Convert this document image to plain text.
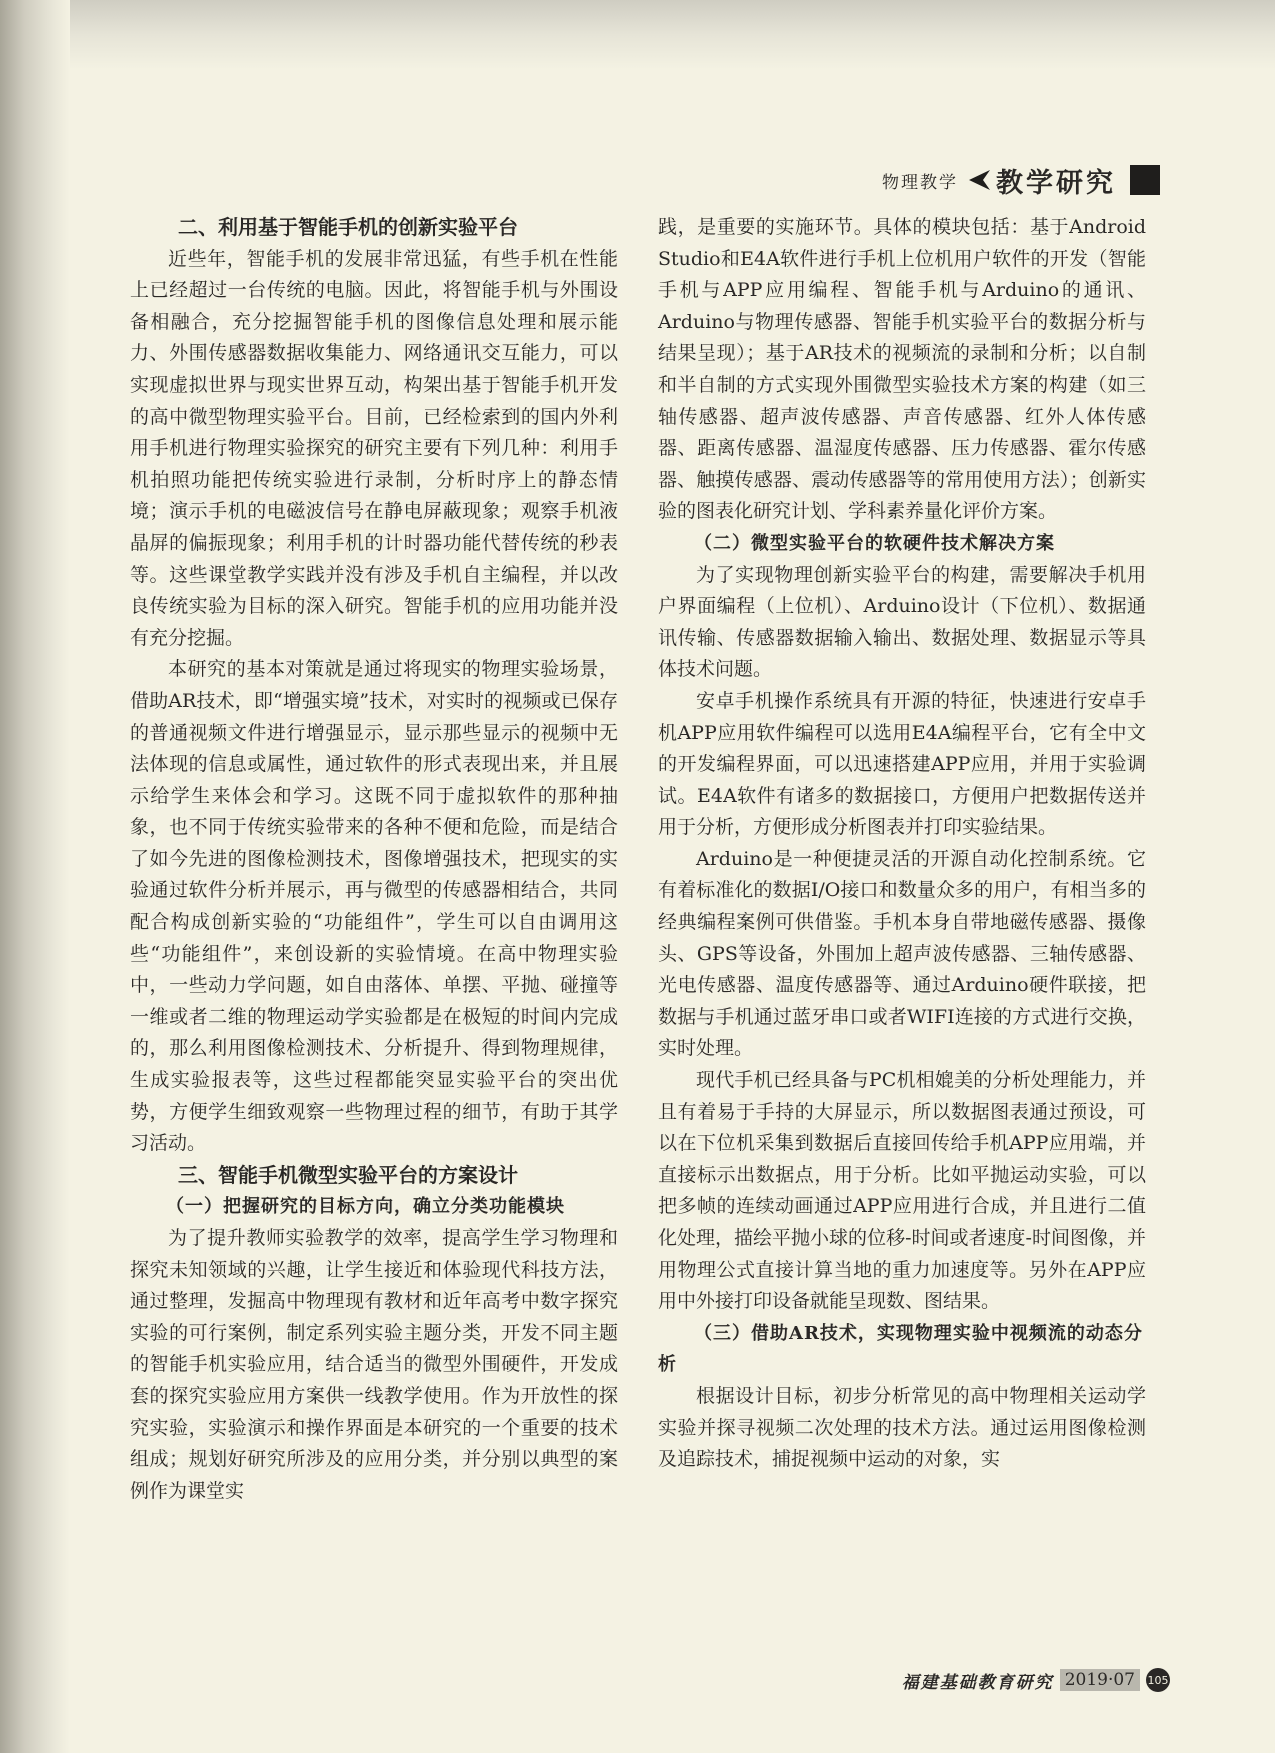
物理教学 教学研究
二、利用基于智能手机的创新实验平台

近些年，智能手机的发展非常迅猛，有些手机在性能上已经超过一台传统的电脑。因此，将智能手机与外围设备相融合，充分挖掘智能手机的图像信息处理和展示能力、外围传感器数据收集能力、网络通讯交互能力，可以实现虚拟世界与现实世界互动，构架出基于智能手机开发的高中微型物理实验平台。目前，已经检索到的国内外利用手机进行物理实验探究的研究主要有下列几种：利用手机拍照功能把传统实验进行录制，分析时序上的静态情境；演示手机的电磁波信号在静电屏蔽现象；观察手机液晶屏的偏振现象；利用手机的计时器功能代替传统的秒表等。这些课堂教学实践并没有涉及手机自主编程，并以改良传统实验为目标的深入研究。智能手机的应用功能并没有充分挖掘。

本研究的基本对策就是通过将现实的物理实验场景，借助AR技术，即“增强实境”技术，对实时的视频或已保存的普通视频文件进行增强显示，显示那些显示的视频中无法体现的信息或属性，通过软件的形式表现出来，并且展示给学生来体会和学习。这既不同于虚拟软件的那种抽象，也不同于传统实验带来的各种不便和危险，而是结合了如今先进的图像检测技术，图像增强技术，把现实的实验通过软件分析并展示，再与微型的传感器相结合，共同配合构成创新实验的“功能组件”，学生可以自由调用这些“功能组件”，来创设新的实验情境。在高中物理实验中，一些动力学问题，如自由落体、单摆、平抛、碰撞等一维或者二维的物理运动学实验都是在极短的时间内完成的，那么利用图像检测技术、分析提升、得到物理规律，生成实验报表等，这些过程都能突显实验平台的突出优势，方便学生细致观察一些物理过程的细节，有助于其学习活动。

三、智能手机微型实验平台的方案设计
（一）把握研究的目标方向，确立分类功能模块

为了提升教师实验教学的效率，提高学生学习物理和探究未知领域的兴趣，让学生接近和体验现代科技方法，通过整理，发掘高中物理现有教材和近年高考中数字探究实验的可行案例，制定系列实验主题分类，开发不同主题的智能手机实验应用，结合适当的微型外围硬件，开发成套的探究实验应用方案供一线教学使用。作为开放性的探究实验，实验演示和操作界面是本研究的一个重要的技术组成；规划好研究所涉及的应用分类，并分别以典型的案例作为课堂实

践，是重要的实施环节。具体的模块包括：基于Android Studio和E4A软件进行手机上位机用户软件的开发（智能手机与APP应用编程、智能手机与Arduino的通讯、Arduino与物理传感器、智能手机实验平台的数据分析与结果呈现）；基于AR技术的视频流的录制和分析；以自制和半自制的方式实现外围微型实验技术方案的构建（如三轴传感器、超声波传感器、声音传感器、红外人体传感器、距离传感器、温湿度传感器、压力传感器、霍尔传感器、触摸传感器、震动传感器等的常用使用方法）；创新实验的图表化研究计划、学科素养量化评价方案。

（二）微型实验平台的软硬件技术解决方案

为了实现物理创新实验平台的构建，需要解决手机用户界面编程（上位机）、Arduino设计（下位机）、数据通讯传输、传感器数据输入输出、数据处理、数据显示等具体技术问题。

安卓手机操作系统具有开源的特征，快速进行安卓手机APP应用软件编程可以选用E4A编程平台，它有全中文的开发编程界面，可以迅速搭建APP应用，并用于实验调试。E4A软件有诸多的数据接口，方便用户把数据传送并用于分析，方便形成分析图表并打印实验结果。

Arduino是一种便捷灵活的开源自动化控制系统。它有着标准化的数据I/O接口和数量众多的用户，有相当多的经典编程案例可供借鉴。手机本身自带地磁传感器、摄像头、GPS等设备，外围加上超声波传感器、三轴传感器、光电传感器、温度传感器等、通过Arduino硬件联接，把数据与手机通过蓝牙串口或者WIFI连接的方式进行交换，实时处理。

现代手机已经具备与PC机相媲美的分析处理能力，并且有着易于手持的大屏显示，所以数据图表通过预设，可以在下位机采集到数据后直接回传给手机APP应用端，并直接标示出数据点，用于分析。比如平抛运动实验，可以把多帧的连续动画通过APP应用进行合成，并且进行二值化处理，描绘平抛小球的位移-时间或者速度-时间图像，并用物理公式直接计算当地的重力加速度等。另外在APP应用中外接打印设备就能呈现数、图结果。

（三）借助AR技术，实现物理实验中视频流的动态分析

根据设计目标，初步分析常见的高中物理相关运动学实验并探寻视频二次处理的技术方法。通过运用图像检测及追踪技术，捕捉视频中运动的对象，实

福建基础教育研究 2019·07	105
